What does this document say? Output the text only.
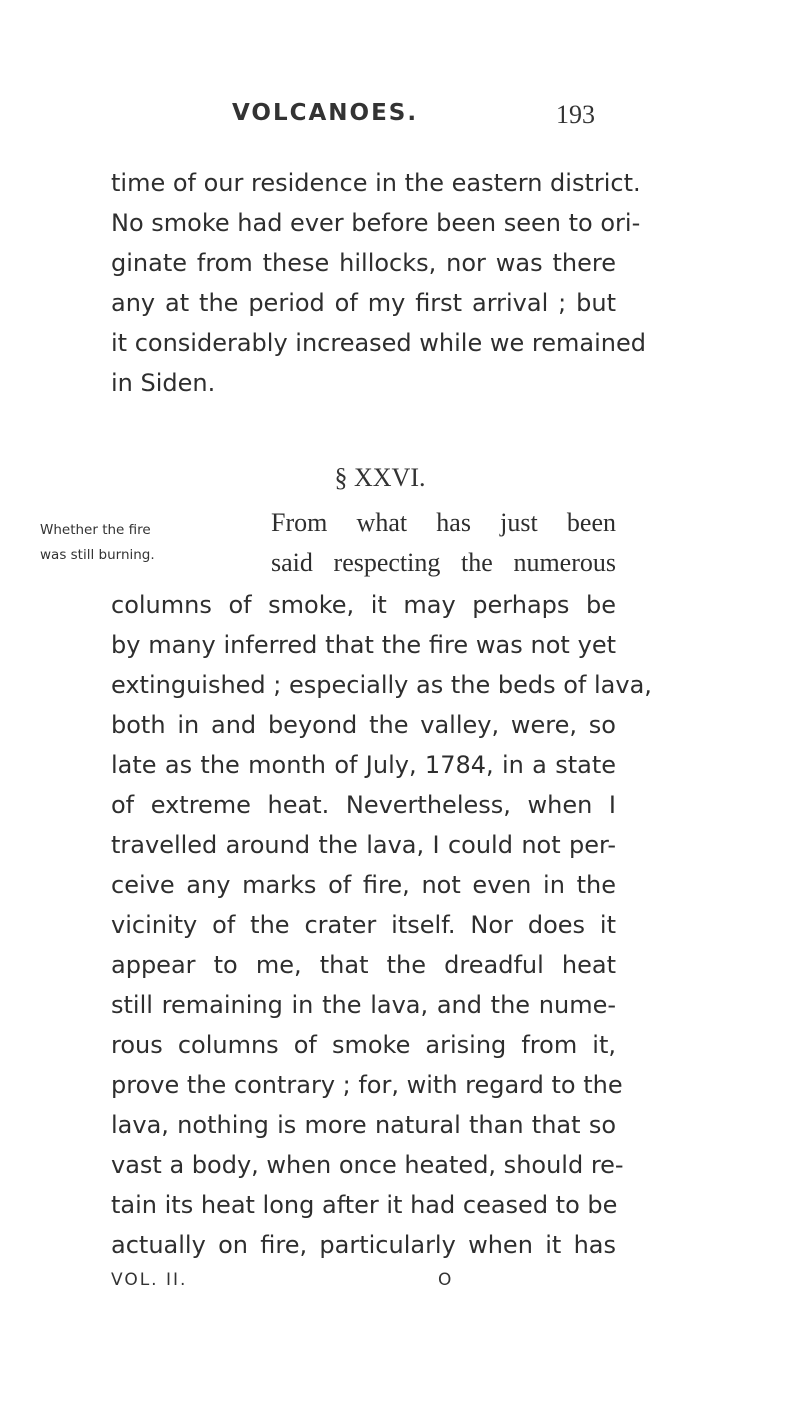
VOLCANOES.	193
time of our residence in the eastern district.
No smoke had ever before been seen to ori-
ginate from these hillocks, nor was there
any at the period of my first arrival ; but
it considerably increased while we remained
in Siden.
§ XXVI.
Whether the fire
was still burning.
From what has just been
said respecting the numerous
columns of smoke, it may perhaps be
by many inferred that the fire was not yet
extinguished ; especially as the beds of lava,
both in and beyond the valley, were, so
late as the month of July, 1784, in a state
of extreme heat. Nevertheless, when I
travelled around the lava, I could not per-
ceive any marks of fire, not even in the
vicinity of the crater itself. Nor does it
appear to me, that the dreadful heat
still remaining in the lava, and the nume-
rous columns of smoke arising from it,
prove the contrary ; for, with regard to the
lava, nothing is more natural than that so
vast a body, when once heated, should re-
tain its heat long after it had ceased to be
actually on fire, particularly when it has
VOL. II.	O
